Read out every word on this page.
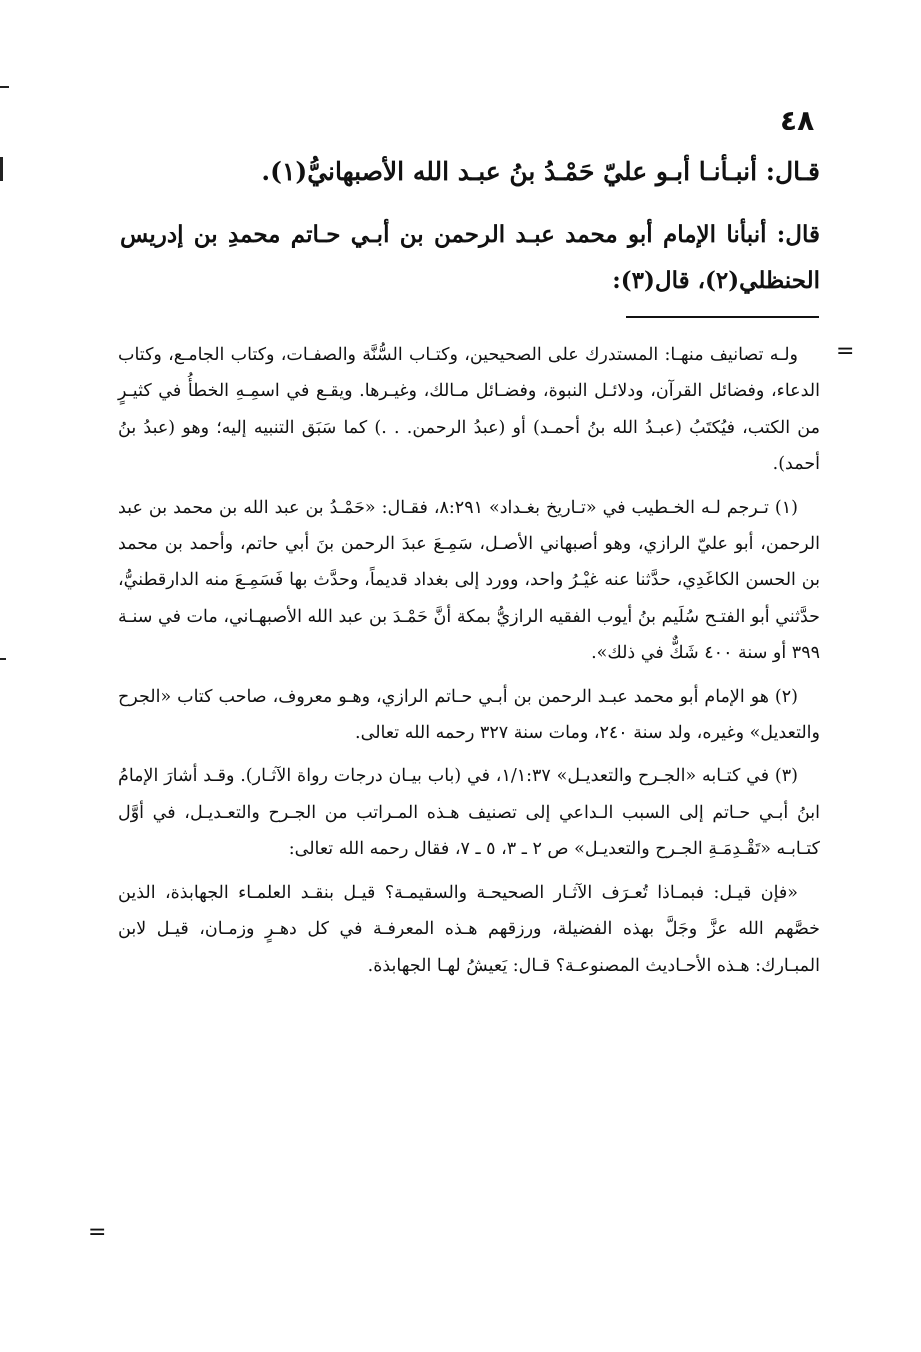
٤٨
قـال: أنبـأنـا أبـو عليّ حَمْـدُ بنُ عبـد الله الأصبهانيُّ(١).
قال: أنبأنا الإمام أبو محمد عبـد الرحمن بن أبـي حـاتم محمدِ بن إدريس الحنظلي(٢)، قال(٣):
=

ولـه تصانيف منهـا: المستدرك على الصحيحين، وكتـاب السُّنَّة والصفـات، وكتاب الجامـع، وكتاب الدعاء، وفضائل القرآن، ودلائـل النبوة، وفضـائل مـالك، وغيـرها. ويقـع في اسمِـهِ الخطأُ في كثيـرٍ من الكتب، فيُكتَبُ (عبـدُ الله بنُ أحمـد) أو (عبدُ الرحمن. . .) كما سَبَق التنبيه إليه؛ وهو (عبدُ بنُ أحمد).

(١) تـرجم لـه الخـطيب في «تـاريخ بغـداد» ٨:٢٩١، فقـال: «حَمْـدُ بن عبد الله بن محمد بن عبد الرحمن، أبو عليّ الرازي، وهو أصبهاني الأصـل، سَمِـعَ عبدَ الرحمن بنَ أبي حاتم، وأحمد بن محمد بن الحسن الكاغَدِي، حدَّثنا عنه غيْـرُ واحد، وورد إلى بغداد قديماً، وحدَّث بها فَسَمِـعَ منه الدارقطنيُّ، حدَّثني أبو الفتـح سُلَيم بنُ أيوب الفقيه الرازيُّ بمكة أنَّ حَمْـدَ بن عبد الله الأصبهـاني، مات في سنـة ٣٩٩ أو سنة ٤٠٠ شَكٌّ في ذلك».

(٢) هو الإمام أبو محمد عبـد الرحمن بن أبـي حـاتم الرازي، وهـو معروف، صاحب كتاب «الجرح والتعديل» وغيره، ولد سنة ٢٤٠، ومات سنة ٣٢٧ رحمه الله تعالى.

(٣) في كتـابه «الجـرح والتعديـل» ١/١:٣٧، في (باب بيـان درجات رواة الآثـار). وقـد أشارَ الإمامُ ابنُ أبـي حـاتم إلى السبب الـداعي إلى تصنيف هـذه المـراتب من الجـرح والتعـديـل، في أوَّل كتـابـه «تَقْـدِمَـةِ الجـرح والتعديـل» ص ٢ ـ ٣، ٥ ـ ٧، فقال رحمه الله تعالى:

«فإن قيـل: فبمـاذا تُعـرَف الآثـار الصحيحـة والسقيمـة؟ قيـل بنقـد العلمـاء الجهابذة، الذين خصَّهم الله عزَّ وجَلَّ بهذه الفضيلة، ورزقهم هـذه المعرفـة في كل دهـرٍ وزمـان، قيـل لابن المبـارك: هـذه الأحـاديث المصنوعـة؟ قـال: يَعيشُ لهـا الجهابذة.

=
